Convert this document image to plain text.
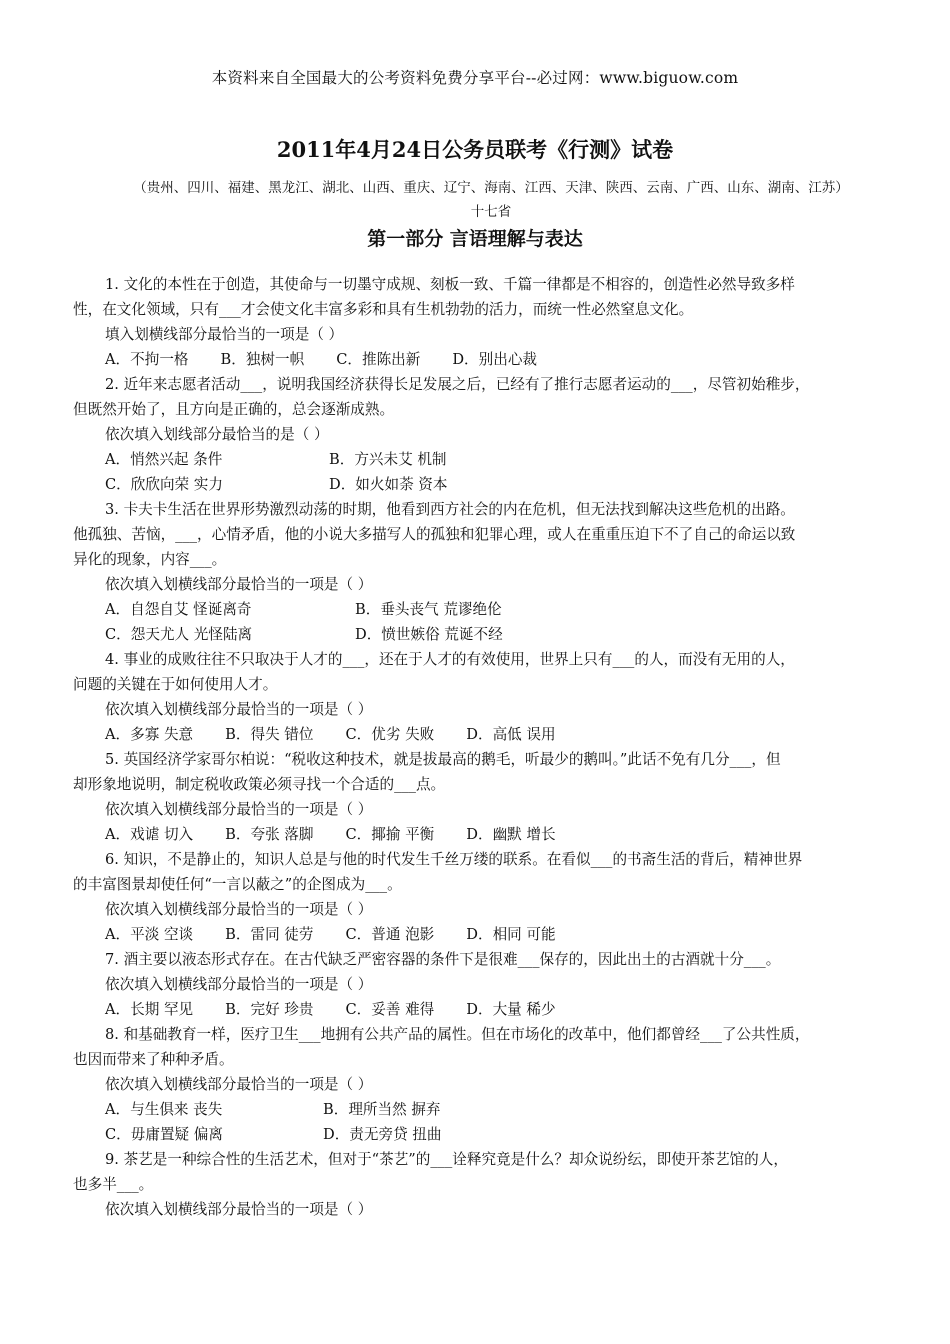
本资料来自全国最大的公考资料免费分享平台--必过网：www.biguow.com
2011年4月24日公务员联考《行测》试卷
（贵州、四川、福建、黑龙江、湖北、山西、重庆、辽宁、海南、江西、天津、陕西、云南、广西、山东、湖南、江苏）
十七省
第一部分 言语理解与表达
1. 文化的本性在于创造，其使命与一切墨守成规、刻板一致、千篇一律都是不相容的，创造性必然导致多样
性，在文化领域，只有___才会使文化丰富多彩和具有生机勃勃的活力，而统一性必然窒息文化。
填入划横线部分最恰当的一项是（ ）
A．不拘一格 B．独树一帜 C．推陈出新 D．别出心裁
2. 近年来志愿者活动___，说明我国经济获得长足发展之后，已经有了推行志愿者运动的___，尽管初始稚步，
但既然开始了，且方向是正确的，总会逐渐成熟。
依次填入划线部分最恰当的是（ ）
A．悄然兴起 条件	B．方兴未艾 机制
C．欣欣向荣 实力	D．如火如荼 资本
3. 卡夫卡生活在世界形势激烈动荡的时期，他看到西方社会的内在危机，但无法找到解决这些危机的出路。
他孤独、苦恼，___，心情矛盾，他的小说大多描写人的孤独和犯罪心理，或人在重重压迫下不了自己的命运以致
异化的现象，内容___。
依次填入划横线部分最恰当的一项是（ ）
A．自怨自艾 怪诞离奇	B．垂头丧气 荒谬绝伦
C．怨天尤人 光怪陆离	D．愤世嫉俗 荒诞不经
4. 事业的成败往往不只取决于人才的___，还在于人才的有效使用，世界上只有___的人，而没有无用的人，
问题的关键在于如何使用人才。
依次填入划横线部分最恰当的一项是（ ）
A．多寡 失意 B．得失 错位 C．优劣 失败 D．高低 误用
5. 英国经济学家哥尔柏说：“税收这种技术，就是拔最高的鹅毛，听最少的鹅叫。”此话不免有几分___，但
却形象地说明，制定税收政策必须寻找一个合适的___点。
依次填入划横线部分最恰当的一项是（ ）
A．戏谑 切入 B．夸张 落脚 C．揶揄 平衡 D．幽默 增长
6. 知识，不是静止的，知识人总是与他的时代发生千丝万缕的联系。在看似___的书斋生活的背后，精神世界
的丰富图景却使任何“一言以蔽之”的企图成为___。
依次填入划横线部分最恰当的一项是（ ）
A．平淡 空谈 B．雷同 徒劳 C．普通 泡影 D．相同 可能
7. 酒主要以液态形式存在。在古代缺乏严密容器的条件下是很难___保存的，因此出土的古酒就十分___。
依次填入划横线部分最恰当的一项是（ ）
A．长期 罕见 B．完好 珍贵 C．妥善 难得 D．大量 稀少
8. 和基础教育一样，医疗卫生___地拥有公共产品的属性。但在市场化的改革中，他们都曾经___了公共性质，
也因而带来了种种矛盾。
依次填入划横线部分最恰当的一项是（ ）
A．与生俱来 丧失	B．理所当然 摒弃
C．毋庸置疑 偏离	D．责无旁贷 扭曲
9. 茶艺是一种综合性的生活艺术，但对于“茶艺”的___诠释究竟是什么？却众说纷纭，即使开茶艺馆的人，
也多半___。
依次填入划横线部分最恰当的一项是（ ）
